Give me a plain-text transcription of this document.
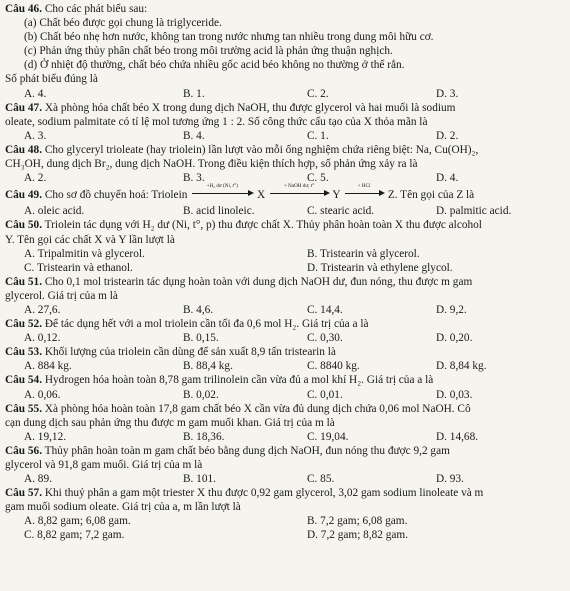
Câu 46. Cho các phát biểu sau:
(a) Chất béo được gọi chung là triglyceride.
(b) Chất béo nhẹ hơn nước, không tan trong nước nhưng tan nhiều trong dung môi hữu cơ.
(c) Phản ứng thủy phân chất béo trong môi trường acid là phản ứng thuận nghịch.
(d) Ở nhiệt độ thường, chất béo chứa nhiều gốc acid béo không no thường ở thể rắn.
Số phát biểu đúng là
A. 4.	B. 1.	C. 2.	D. 3.
Câu 47. Xà phòng hóa chất béo X trong dung dịch NaOH, thu được glycerol và hai muối là sodium
oleate, sodium palmitate có tỉ lệ mol tương ứng 1 : 2. Số công thức cấu tạo của X thỏa mãn là
A. 3.	B. 4.	C. 1.	D. 2.
Câu 48. Cho glyceryl trioleate (hay triolein) lần lượt vào mỗi ống nghiệm chứa riêng biệt: Na, Cu(OH)₂,
CH₃OH, dung dịch Br₂, dung dịch NaOH. Trong điều kiện thích hợp, số phản ứng xảy ra là
A. 2.	B. 3.	C. 5.	D. 4.
Câu 49. Cho sơ đồ chuyển hoá: Triolein
+H₂ dư (Ni, t°)
X
+ NaOH dư, t°
Y
+ HCl
Z. Tên gọi của Z là
A. oleic acid.	B. acid linoleic.	C. stearic acid.	D. palmitic acid.
Câu 50. Triolein tác dụng với H₂ dư (Ni, t°, p) thu được chất X. Thủy phân hoàn toàn X thu được alcohol
Y. Tên gọi các chất X và Y lần lượt là
A. Tripalmitin và glycerol.	B. Tristearin và glycerol.
C. Tristearin và ethanol.	D. Tristearin và ethylene glycol.
Câu 51. Cho 0,1 mol tristearin tác dụng hoàn toàn với dung dịch NaOH dư, đun nóng, thu được m gam
glycerol. Giá trị của m là
A. 27,6.	B. 4,6.	C. 14,4.	D. 9,2.
Câu 52. Để tác dụng hết với a mol triolein cần tối đa 0,6 mol H₂. Giá trị của a là
A. 0,12.	B. 0,15.	C. 0,30.	D. 0,20.
Câu 53. Khối lượng của triolein cần dùng để sản xuất 8,9 tấn tristearin là
A. 884 kg.	B. 88,4 kg.	C. 8840 kg.	D. 8,84 kg.
Câu 54. Hydrogen hóa hoàn toàn 8,78 gam trilinolein cần vừa đủ a mol khí H₂. Giá trị của a là
A. 0,06.	B. 0,02.	C. 0,01.	D. 0,03.
Câu 55. Xà phòng hóa hoàn toàn 17,8 gam chất béo X cần vừa đủ dung dịch chứa 0,06 mol NaOH. Cô
cạn dung dịch sau phản ứng thu được m gam muối khan. Giá trị của m là
A. 19,12.	B. 18,36.	C. 19,04.	D. 14,68.
Câu 56. Thủy phân hoàn toàn m gam chất béo bằng dung dịch NaOH, đun nóng thu được 9,2 gam
glycerol và 91,8 gam muối. Giá trị của m là
A. 89.	B. 101.	C. 85.	D. 93.
Câu 57. Khi thuỷ phân a gam một triester X thu được 0,92 gam glycerol, 3,02 gam sodium linoleate và m
gam muối sodium oleate. Giá trị của a, m lần lượt là
A. 8,82 gam; 6,08 gam.	B. 7,2 gam; 6,08 gam.
C. 8,82 gam; 7,2 gam.	D. 7,2 gam; 8,82 gam.
